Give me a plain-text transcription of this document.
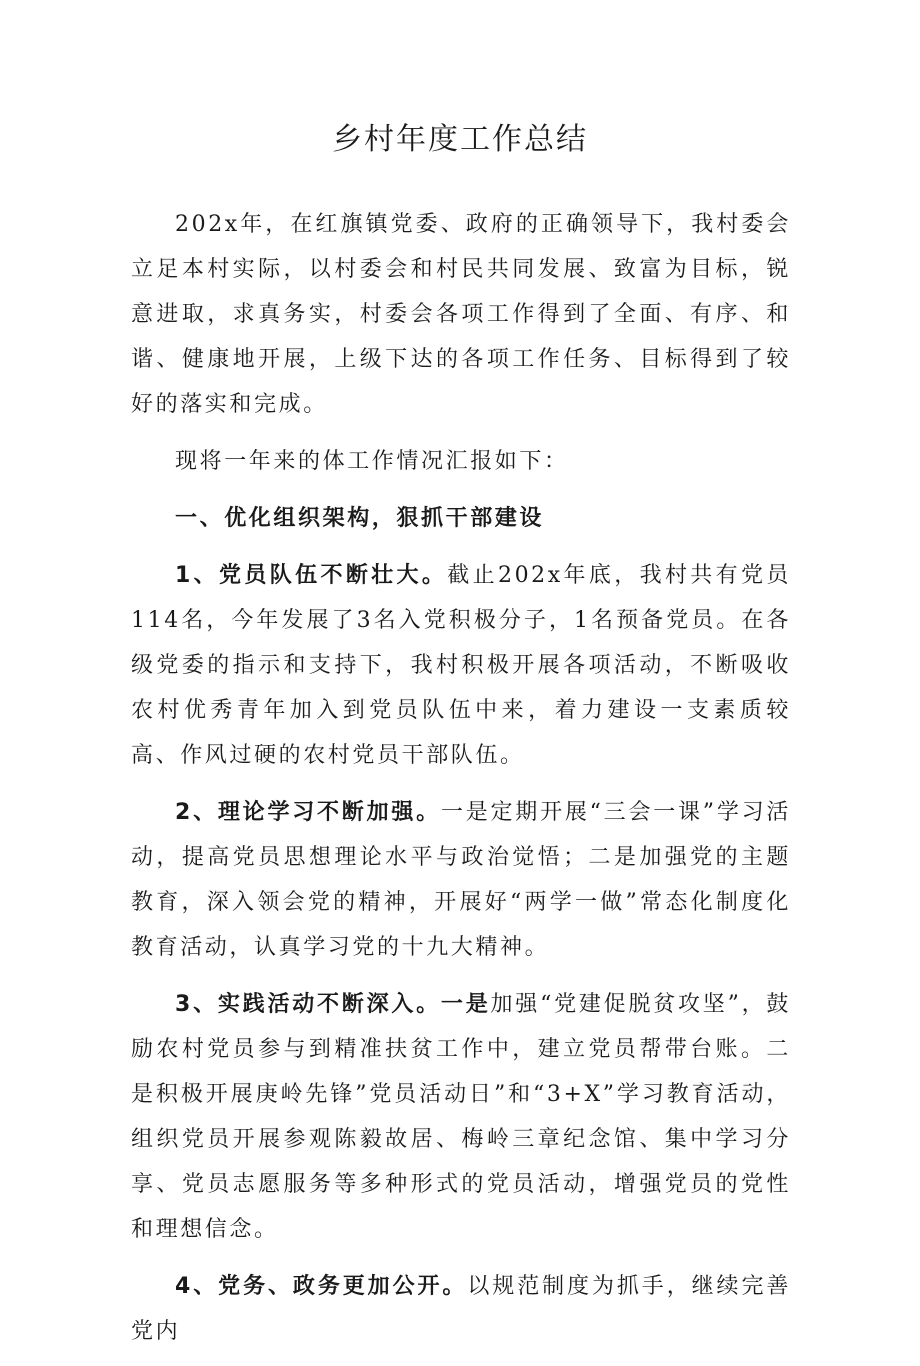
乡村年度工作总结

202x年，在红旗镇党委、政府的正确领导下，我村委会立足本村实际，以村委会和村民共同发展、致富为目标，锐意进取，求真务实，村委会各项工作得到了全面、有序、和谐、健康地开展，上级下达的各项工作任务、目标得到了较好的落实和完成。

现将一年来的体工作情况汇报如下：

一、优化组织架构，狠抓干部建设

1、党员队伍不断壮大。截止202x年底，我村共有党员114名，今年发展了3名入党积极分子，1名预备党员。在各级党委的指示和支持下，我村积极开展各项活动，不断吸收农村优秀青年加入到党员队伍中来，着力建设一支素质较高、作风过硬的农村党员干部队伍。

2、理论学习不断加强。一是定期开展“三会一课”学习活动，提高党员思想理论水平与政治觉悟；二是加强党的主题教育，深入领会党的精神，开展好“两学一做”常态化制度化教育活动，认真学习党的十九大精神。

3、实践活动不断深入。一是加强“党建促脱贫攻坚”，鼓励农村党员参与到精准扶贫工作中，建立党员帮带台账。二是积极开展庚岭先锋”党员活动日”和“3+X”学习教育活动，组织党员开展参观陈毅故居、梅岭三章纪念馆、集中学习分享、党员志愿服务等多种形式的党员活动，增强党员的党性和理想信念。

4、党务、政务更加公开。以规范制度为抓手，继续完善党内
